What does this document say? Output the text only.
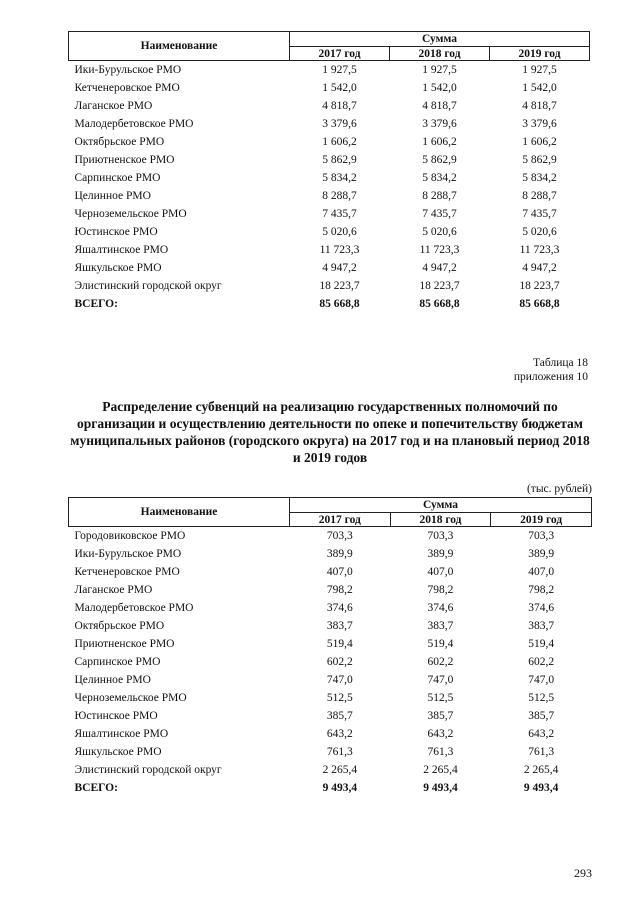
Наименование	Сумма		
	2017 год	2018 год	2019 год
Ики-Бурульское РМО	1 927,5	1 927,5	1 927,5
Кетченеровское РМО	1 542,0	1 542,0	1 542,0
Лаганское РМО	4 818,7	4 818,7	4 818,7
Малодербетовское РМО	3 379,6	3 379,6	3 379,6
Октябрьское РМО	1 606,2	1 606,2	1 606,2
Приютненское РМО	5 862,9	5 862,9	5 862,9
Сарпинское РМО	5 834,2	5 834,2	5 834,2
Целинное РМО	8 288,7	8 288,7	8 288,7
Черноземельское РМО	7 435,7	7 435,7	7 435,7
Юстинское РМО	5 020,6	5 020,6	5 020,6
Яшалтинское РМО	11 723,3	11 723,3	11 723,3
Яшкульское РМО	4 947,2	4 947,2	4 947,2
Элистинский городской округ	18 223,7	18 223,7	18 223,7
ВСЕГО:	85 668,8	85 668,8	85 668,8
Таблица 18
приложения 10
Распределение субвенций на реализацию государственных полномочий по организации и осуществлению деятельности по опеке и попечительству бюджетам муниципальных районов (городского округа) на 2017 год и на плановый период 2018 и 2019 годов
(тыс. рублей)
Наименование	Сумма		
	2017 год	2018 год	2019 год
Городовиковское РМО	703,3	703,3	703,3
Ики-Бурульское РМО	389,9	389,9	389,9
Кетченеровское РМО	407,0	407,0	407,0
Лаганское РМО	798,2	798,2	798,2
Малодербетовское РМО	374,6	374,6	374,6
Октябрьское РМО	383,7	383,7	383,7
Приютненское РМО	519,4	519,4	519,4
Сарпинское РМО	602,2	602,2	602,2
Целинное РМО	747,0	747,0	747,0
Черноземельское РМО	512,5	512,5	512,5
Юстинское РМО	385,7	385,7	385,7
Яшалтинское РМО	643,2	643,2	643,2
Яшкульское РМО	761,3	761,3	761,3
Элистинский городской округ	2 265,4	2 265,4	2 265,4
ВСЕГО:	9 493,4	9 493,4	9 493,4
293
